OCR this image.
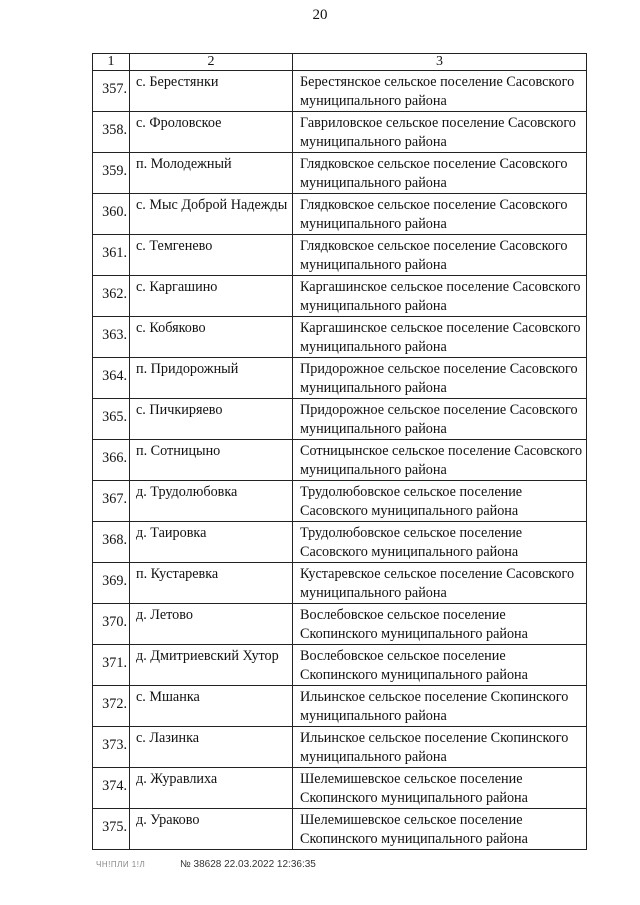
20
1	2	3
357.	с. Берестянки	Берестянское сельское поселение Сасовского муниципального района

358.	с. Фроловское	Гавриловское сельское поселение Сасовского муниципального района

359.	п. Молодежный	Глядковское сельское поселение Сасовского муниципального района

360.	с. Мыс Доброй Надежды	Глядковское сельское поселение Сасовского муниципального района

361.	с. Темгенево	Глядковское сельское поселение Сасовского муниципального района

362.	с. Каргашино	Каргашинское сельское поселение Сасовского муниципального района

363.	с. Кобяково	Каргашинское сельское поселение Сасовского муниципального района

364.	п. Придорожный	Придорожное сельское поселение Сасовского муниципального района

365.	с. Пичкиряево	Придорожное сельское поселение Сасовского муниципального района

366.	п. Сотницыно	Сотницынское сельское поселение Сасовского муниципального района

367.	д. Трудолюбовка	Трудолюбовское сельское поселение Сасовского муниципального района

368.	д. Таировка	Трудолюбовское сельское поселение Сасовского муниципального района

369.	п. Кустаревка	Кустаревское сельское поселение Сасовского муниципального района

370.	д. Летово	Вослебовское сельское поселение Скопинского муниципального района

371.	д. Дмитриевский Хутор	Вослебовское сельское поселение Скопинского муниципального района

372.	с. Мшанка	Ильинское сельское поселение Скопинского муниципального района

373.	с. Лазинка	Ильинское сельское поселение Скопинского муниципального района

374.	д. Журавлиха	Шелемишевское сельское поселение Скопинского муниципального района

375.	д. Ураково	Шелемишевское сельское поселение Скопинского муниципального района
ЧН!ПЛИ 1!Л	№ 38628 22.03.2022 12:36:35
